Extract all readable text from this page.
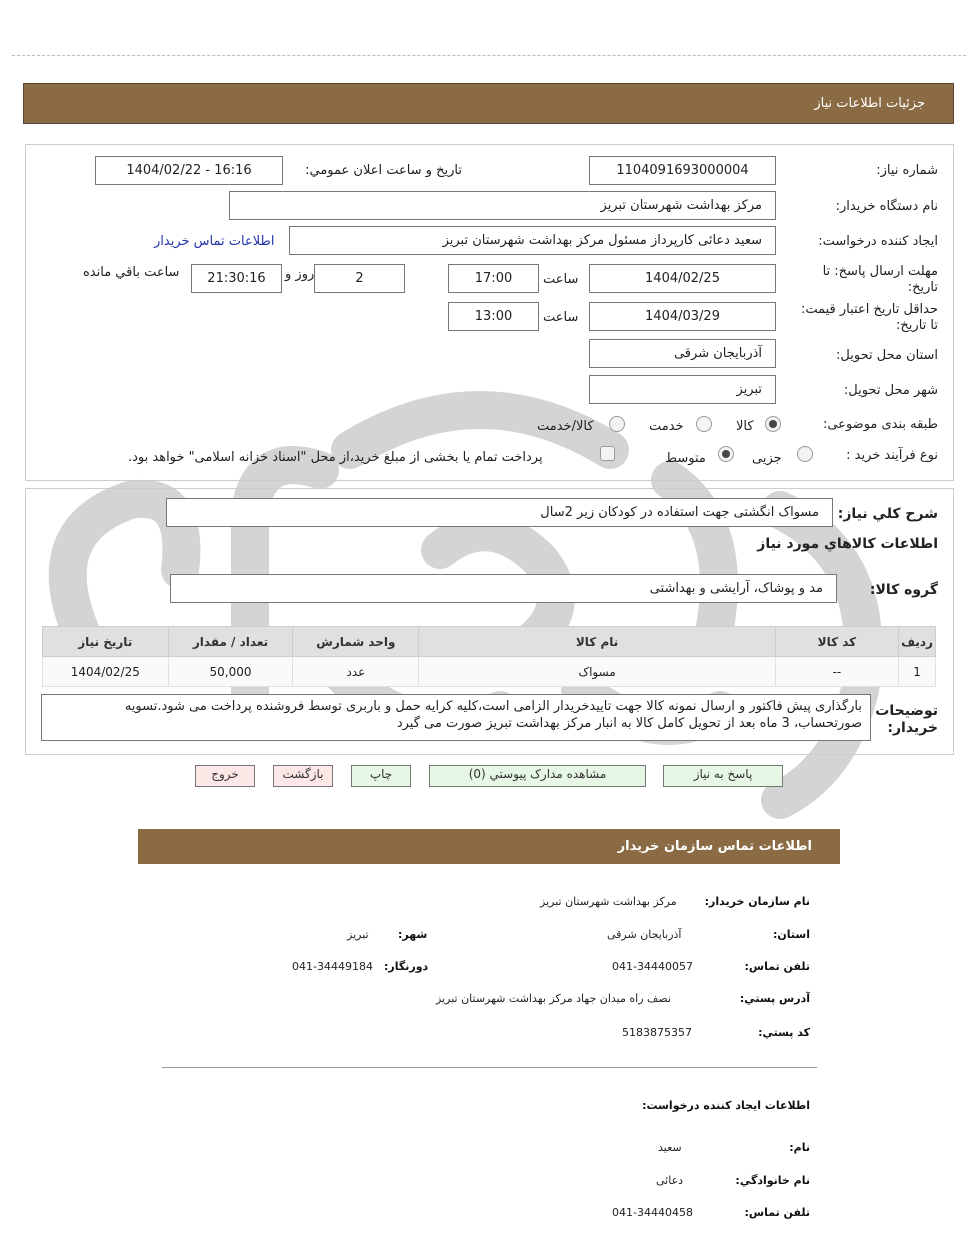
جزئيات اطلاعات نياز
شماره نياز:
1104091693000004
تاريخ و ساعت اعلان عمومي:
1404/02/22 - 16:16
نام دستگاه خريدار:
مرکز بهداشت شهرستان تبریز
ايجاد کننده درخواست:
سعید دعائی کارپرداز مسئول مرکز بهداشت شهرستان تبریز
اطلاعات تماس خريدار
مهلت ارسال پاسخ: تا
تاريخ:
1404/02/25
ساعت
17:00
2
روز و
21:30:16
ساعت باقي مانده
حداقل تاريخ اعتبار قيمت:
تا تاريخ:
1404/03/29
ساعت
13:00
استان محل تحويل:
آذربایجان شرقی
شهر محل تحويل:
تبریز
طبقه بندی موضوعی:
كالا
خدمت
كالا/خدمت
نوع فرآیند خرید :
جزیی
متوسط
پرداخت تمام یا بخشی از مبلغ خرید،از محل "اسناد خزانه اسلامی" خواهد بود.
شرح کلي نياز:
مسواک انگشتی جهت استفاده در کودکان زیر 2سال
اطلاعات کالاهاي مورد نياز
گروه کالا:
مد و پوشاک، آرایشی و بهداشتی
رديف	کد کالا	نام کالا	واحد شمارش	تعداد / مقدار	تاريخ نياز
1	--	مسواک	عدد	50,000	1404/02/25
توضيحات
خريدار:
بارگذاری پیش فاکتور و ارسال نمونه کالا جهت تاییدخریدار الزامی است،کلیه کرایه حمل و باربری توسط فروشنده پرداخت می شود.تسویه
صورتحساب، 3 ماه بعد از تحویل کامل کالا به انبار مرکز بهداشت تبریز صورت می گیرد
پاسخ به نياز
مشاهده مدارک پيوستي (0)
چاپ
بازگشت
خروج
اطلاعات تماس سازمان خريدار
نام سازمان خريدار:
مرکز بهداشت شهرستان تبریز
استان:
آذربایجان شرقی
شهر:
تبریز
تلفن تماس:
041-34440057
دورنگار:
041-34449184
آدرس پستي:
نصف راه میدان جهاد مرکز بهداشت شهرستان تبریز
کد پستي:
5183875357
اطلاعات ايجاد کننده درخواست:
نام:
سعید
نام خانوادگي:
دعائی
تلفن تماس:
041-34440458
